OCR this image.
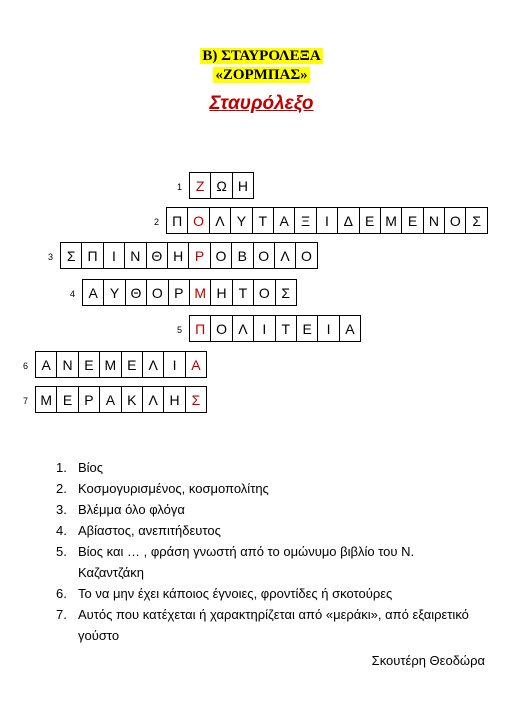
Β) ΣΤΑΥΡΟΛΕΞΑ
«ΖΟΡΜΠΑΣ»
Σταυρόλεξο
1 Ζ Ω Η
2 Π Ο Λ Υ Τ Α Ξ	Ι	Δ Ε Μ Ε Ν Ο Σ
3 Σ Π	Ι	Ν Θ Η Ρ Ο Β Ο Λ Ο
4 Α Υ Θ Ο Ρ Μ Η Τ Ο Σ
5 Π Ο Λ	Ι	Τ Ε	Ι	Α
6 Α Ν Ε Μ Ε Λ	Ι	Α
7 Μ Ε Ρ Α Κ Λ Η Σ
1. Βίος
2. Κοσμογυρισμένος, κοσμοπολίτης
3. Βλέμμα όλο φλόγα
4. Αβίαστος, ανεπιτήδευτος
5. Βίος και … , φράση γνωστή από το ομώνυμο βιβλίο του Ν. Καζαντζάκη
6. Το να μην έχει κάποιος έγνοιες, φροντίδες ή σκοτούρες
7. Αυτός που κατέχεται ή χαρακτηρίζεται από «μεράκι», από εξαιρετικό γούστο
Σκουτέρη Θεοδώρα
